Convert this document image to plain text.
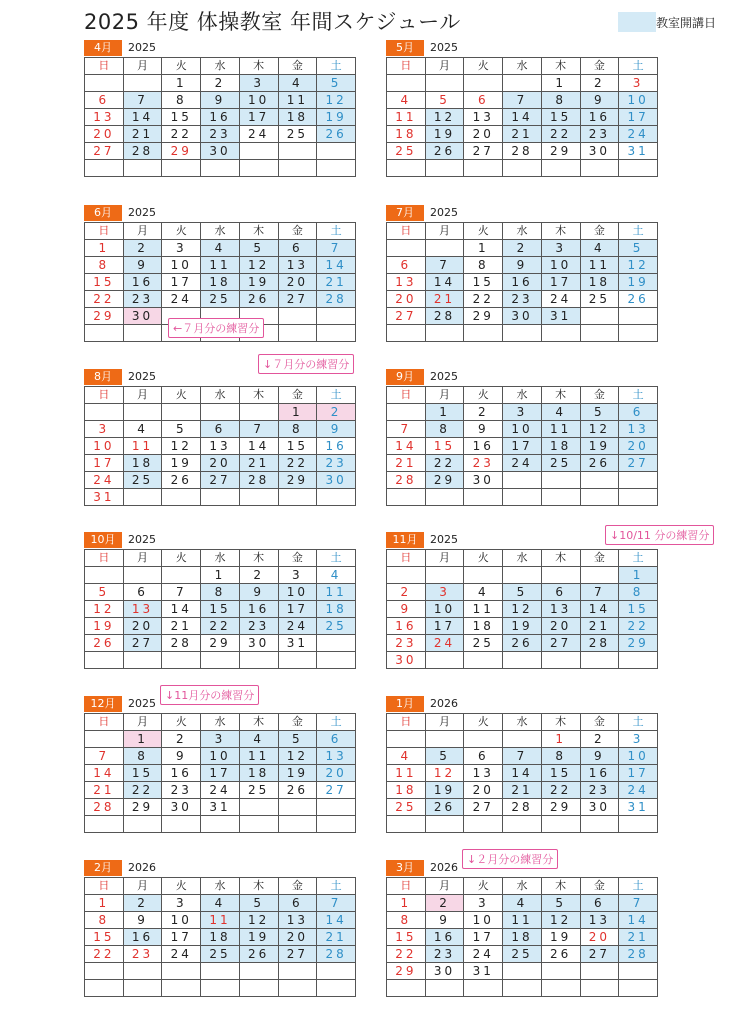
2025 年度 体操教室 年間スケジュール	教室開講日
4月	2025
日	月	火	水	木	金	土
		1	2	3	4	5
6	7	8	9	10	11	12
13	14	15	16	17	18	19
20	21	22	23	24	25	26
27	28	29	30			

5月	2025
日	月	火	水	木	金	土
				1	2	3
4	5	6	7	8	9	10
11	12	13	14	15	16	17
18	19	20	21	22	23	24
25	26	27	28	29	30	31

6月	2025
日	月	火	水	木	金	土
1	2	3	4	5	6	7
8	9	10	11	12	13	14
15	16	17	18	19	20	21
22	23	24	25	26	27	28
29	30					

7月	2025
日	月	火	水	木	金	土
		1	2	3	4	5
6	7	8	9	10	11	12
13	14	15	16	17	18	19
20	21	22	23	24	25	26
27	28	29	30	31		

8月	2025
日	月	火	水	木	金	土
					1	2
3	4	5	6	7	8	9
10	11	12	13	14	15	16
17	18	19	20	21	22	23
24	25	26	27	28	29	30
31						
9月	2025
日	月	火	水	木	金	土
	1	2	3	4	5	6
7	8	9	10	11	12	13
14	15	16	17	18	19	20
21	22	23	24	25	26	27
28	29	30				

10月	2025
日	月	火	水	木	金	土
			1	2	3	4
5	6	7	8	9	10	11
12	13	14	15	16	17	18
19	20	21	22	23	24	25
26	27	28	29	30	31	

11月	2025
日	月	火	水	木	金	土
						1
2	3	4	5	6	7	8
9	10	11	12	13	14	15
16	17	18	19	20	21	22
23	24	25	26	27	28	29
30						
12月	2025
日	月	火	水	木	金	土
	1	2	3	4	5	6
7	8	9	10	11	12	13
14	15	16	17	18	19	20
21	22	23	24	25	26	27
28	29	30	31			

1月	2026
日	月	火	水	木	金	土
				1	2	3
4	5	6	7	8	9	10
11	12	13	14	15	16	17
18	19	20	21	22	23	24
25	26	27	28	29	30	31

2月	2026
日	月	火	水	木	金	土
1	2	3	4	5	6	7
8	9	10	11	12	13	14
15	16	17	18	19	20	21
22	23	24	25	26	27	28

3月	2026
日	月	火	水	木	金	土
1	2	3	4	5	6	7
8	9	10	11	12	13	14
15	16	17	18	19	20	21
22	23	24	25	26	27	28
29	30	31				

←７月分の練習分
↓７月分の練習分
↓10/11 分の練習分
↓11月分の練習分
↓２月分の練習分
